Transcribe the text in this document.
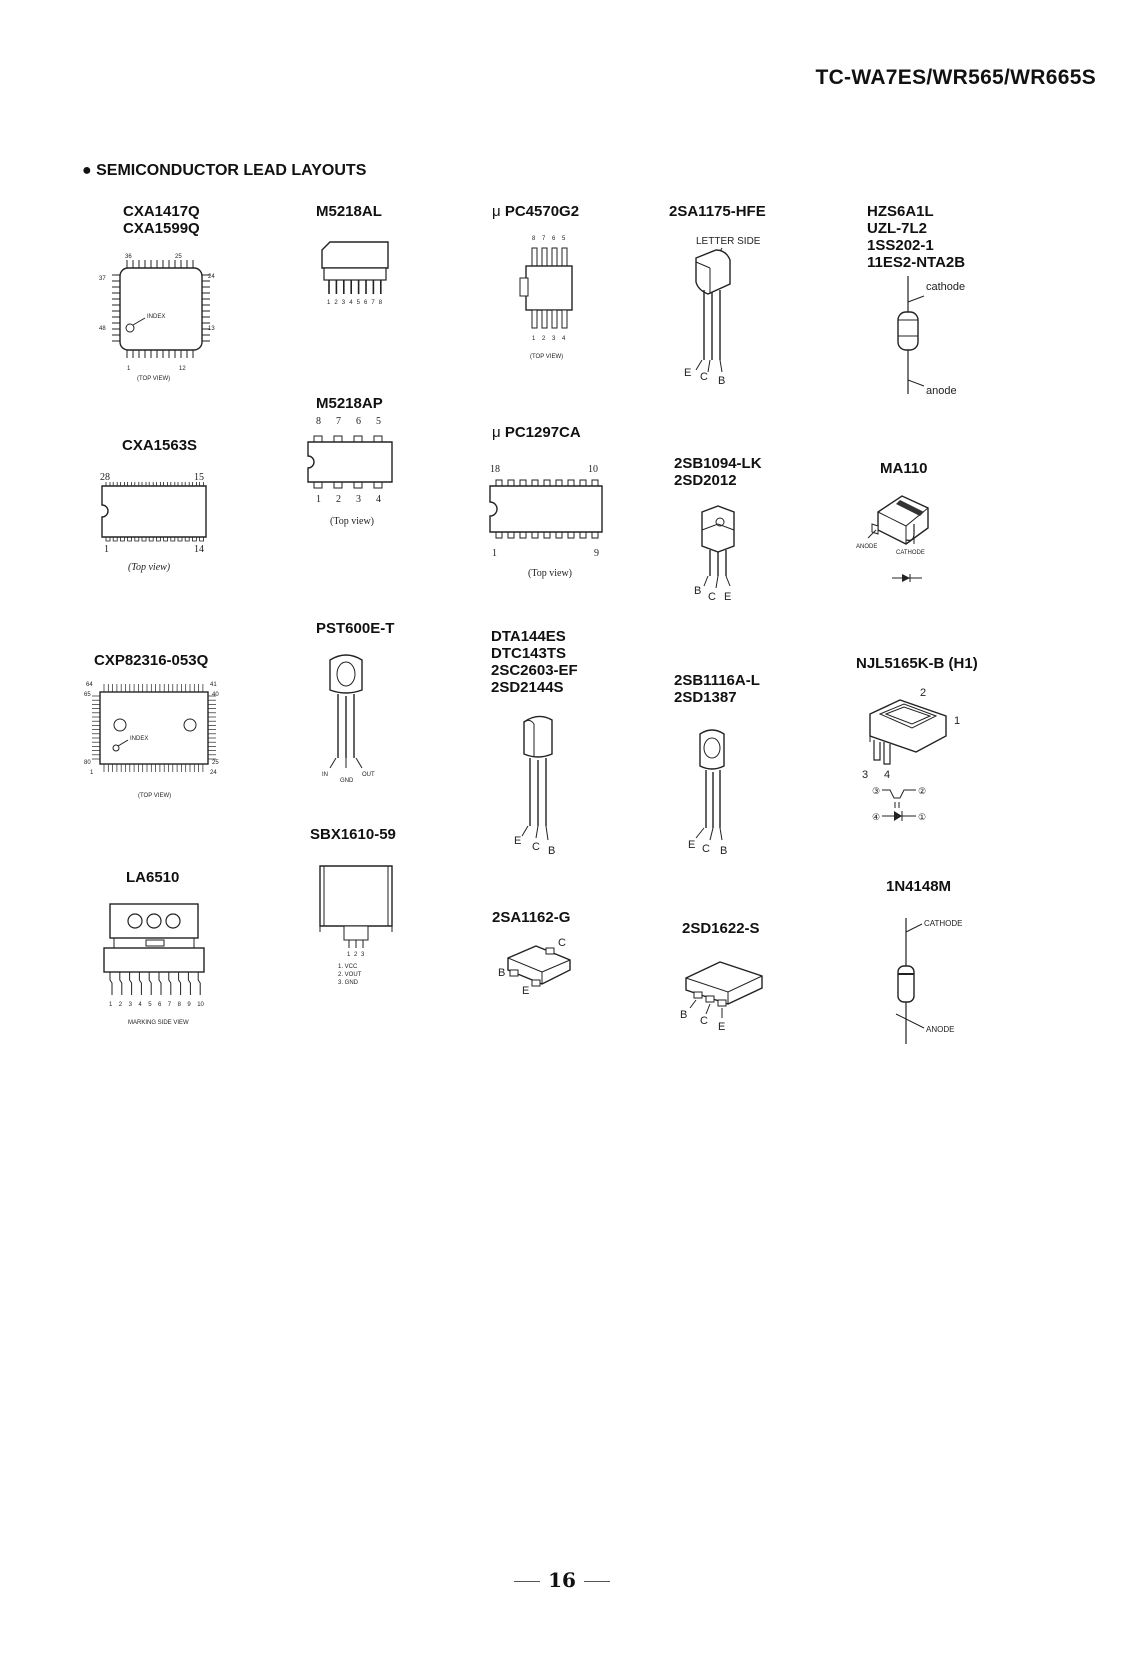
TC-WA7ES/WR565/WR665S
● SEMICONDUCTOR LEAD LAYOUTS
CXA1417Q
CXA1599Q
INDEX
36	25
37	24
48	13
1	12
(TOP VIEW)
CXA1563S
28	15
1	14
(Top view)
CXP82316-053Q
INDEX
64	41
65	40
80	25
1	24
(TOP VIEW)
LA6510
1 2 3 4 5 6 7 8 9 10
MARKING SIDE VIEW
M5218AL
1 2 3 4 5 6 7 8
M5218AP
8 7 6 5
1 2 3 4
(Top view)
PST600E-T
IN
GND
OUT
SBX1610-59
1 2 3
1. VCC
2. VOUT
3. GND
μ PC4570G2
8 7 6 5
1 2 3 4
(TOP VIEW)
μ PC1297CA
18	10
1	9
(Top view)
DTA144ES
DTC143TS
2SC2603-EF
2SD2144S
E C B
2SA1162-G
C
B
E
2SA1175-HFE
LETTER SIDE
E C B
2SB1094-LK
2SD2012
B C E
2SB1116A-L
2SD1387
E C B
2SD1622-S
B C E
HZS6A1L
UZL-7L2
1SS202-1
11ES2-NTA2B
cathode
anode
MA110
ANODE
CATHODE
NJL5165K-B (H1)
2
1
3 4
③	②
④	①
1N4148M
CATHODE
ANODE
16
